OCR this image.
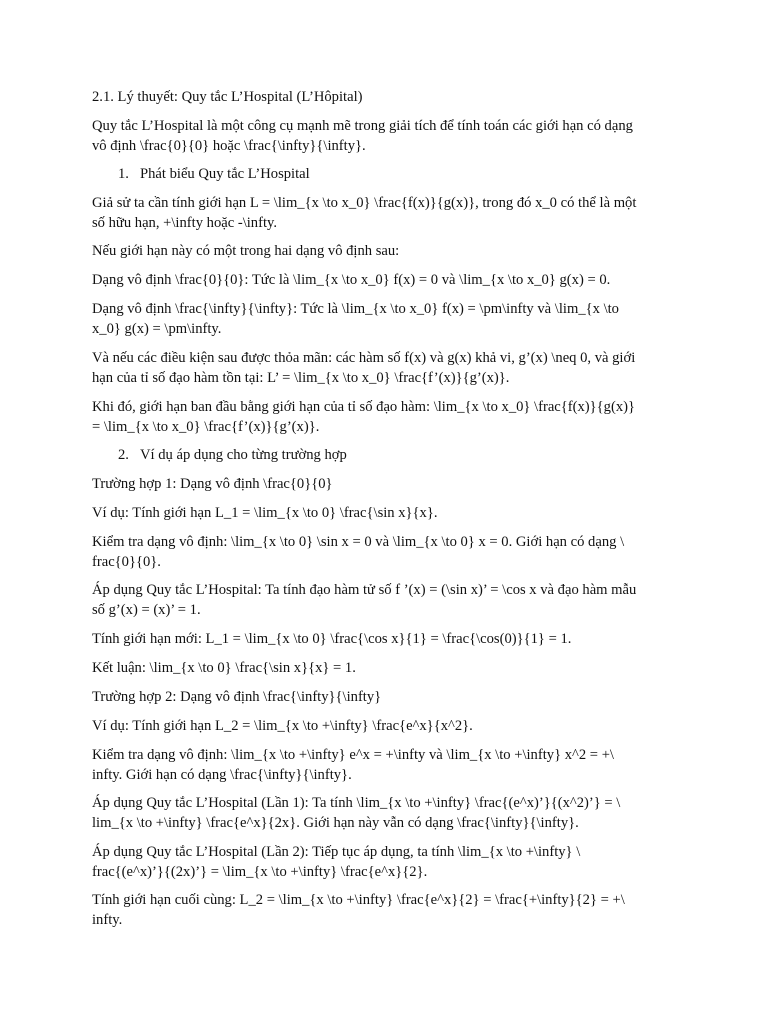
2.1. Lý thuyết: Quy tắc L’Hospital (L’Hôpital)
Quy tắc L’Hospital là một công cụ mạnh mẽ trong giải tích để tính toán các giới hạn có dạng
vô định \frac{0}{0} hoặc \frac{\infty}{\infty}.
1. Phát biểu Quy tắc L’Hospital
Giả sử ta cần tính giới hạn L = \lim_{x \to x_0} \frac{f(x)}{g(x)}, trong đó x_0 có thể là một
số hữu hạn, +\infty hoặc -\infty.
Nếu giới hạn này có một trong hai dạng vô định sau:
Dạng vô định \frac{0}{0}: Tức là \lim_{x \to x_0} f(x) = 0 và \lim_{x \to x_0} g(x) = 0.
Dạng vô định \frac{\infty}{\infty}: Tức là \lim_{x \to x_0} f(x) = \pm\infty và \lim_{x \to
x_0} g(x) = \pm\infty.
Và nếu các điều kiện sau được thỏa mãn: các hàm số f(x) và g(x) khả vi, g’(x) \neq 0, và giới
hạn của tỉ số đạo hàm tồn tại: L’ = \lim_{x \to x_0} \frac{f’(x)}{g’(x)}.
Khi đó, giới hạn ban đầu bằng giới hạn của tỉ số đạo hàm: \lim_{x \to x_0} \frac{f(x)}{g(x)}
= \lim_{x \to x_0} \frac{f’(x)}{g’(x)}.
2. Ví dụ áp dụng cho từng trường hợp
Trường hợp 1: Dạng vô định \frac{0}{0}
Ví dụ: Tính giới hạn L_1 = \lim_{x \to 0} \frac{\sin x}{x}.
Kiểm tra dạng vô định: \lim_{x \to 0} \sin x = 0 và \lim_{x \to 0} x = 0. Giới hạn có dạng \
frac{0}{0}.
Áp dụng Quy tắc L’Hospital: Ta tính đạo hàm tử số f ’(x) = (\sin x)’ = \cos x và đạo hàm mẫu
số g’(x) = (x)’ = 1.
Tính giới hạn mới: L_1 = \lim_{x \to 0} \frac{\cos x}{1} = \frac{\cos(0)}{1} = 1.
Kết luận: \lim_{x \to 0} \frac{\sin x}{x} = 1.
Trường hợp 2: Dạng vô định \frac{\infty}{\infty}
Ví dụ: Tính giới hạn L_2 = \lim_{x \to +\infty} \frac{e^x}{x^2}.
Kiểm tra dạng vô định: \lim_{x \to +\infty} e^x = +\infty và \lim_{x \to +\infty} x^2 = +\
infty. Giới hạn có dạng \frac{\infty}{\infty}.
Áp dụng Quy tắc L’Hospital (Lần 1): Ta tính \lim_{x \to +\infty} \frac{(e^x)’}{(x^2)’} = \
lim_{x \to +\infty} \frac{e^x}{2x}. Giới hạn này vẫn có dạng \frac{\infty}{\infty}.
Áp dụng Quy tắc L’Hospital (Lần 2): Tiếp tục áp dụng, ta tính \lim_{x \to +\infty} \
frac{(e^x)’}{(2x)’} = \lim_{x \to +\infty} \frac{e^x}{2}.
Tính giới hạn cuối cùng: L_2 = \lim_{x \to +\infty} \frac{e^x}{2} = \frac{+\infty}{2} = +\
infty.
